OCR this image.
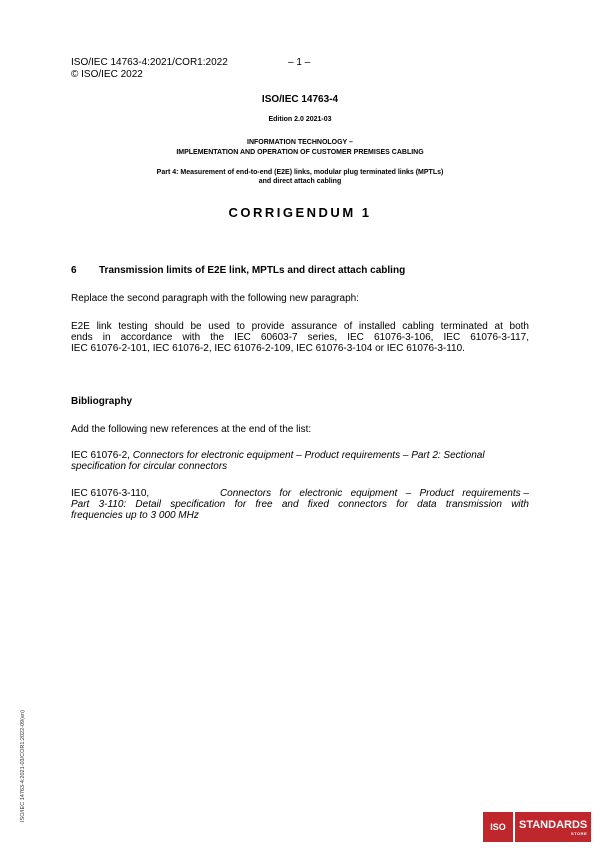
ISO/IEC 14763-4:2021/COR1:2022	– 1 –
© ISO/IEC 2022
ISO/IEC 14763-4
Edition 2.0 2021-03
INFORMATION TECHNOLOGY –
IMPLEMENTATION AND OPERATION OF CUSTOMER PREMISES CABLING
Part 4: Measurement of end-to-end (E2E) links, modular plug terminated links (MPTLs)
and direct attach cabling
CORRIGENDUM 1
6 Transmission limits of E2E link, MPTLs and direct attach cabling
Replace the second paragraph with the following new paragraph:
E2E link testing should be used to provide assurance of installed cabling terminated at both
ends in accordance with the IEC 60603-7 series, IEC 61076-3-106, IEC 61076-3-117,
IEC 61076-2-101, IEC 61076-2, IEC 61076-2-109, IEC 61076-3-104 or IEC 61076-3-110.
Bibliography
Add the following new references at the end of the list:
IEC 61076-2, Connectors for electronic equipment – Product requirements – Part 2: Sectional
specification for circular connectors
IEC 61076-3-110,	Connectors   for   electronic   equipment   –   Product   requirements –
Part 3-110: Detail specification for free and fixed connectors for data transmission with
frequencies up to 3 000 MHz
ISO/IEC 14763-4:2021-03/COR1:2022-09(en)
ISO	STANDARDS
STORE
